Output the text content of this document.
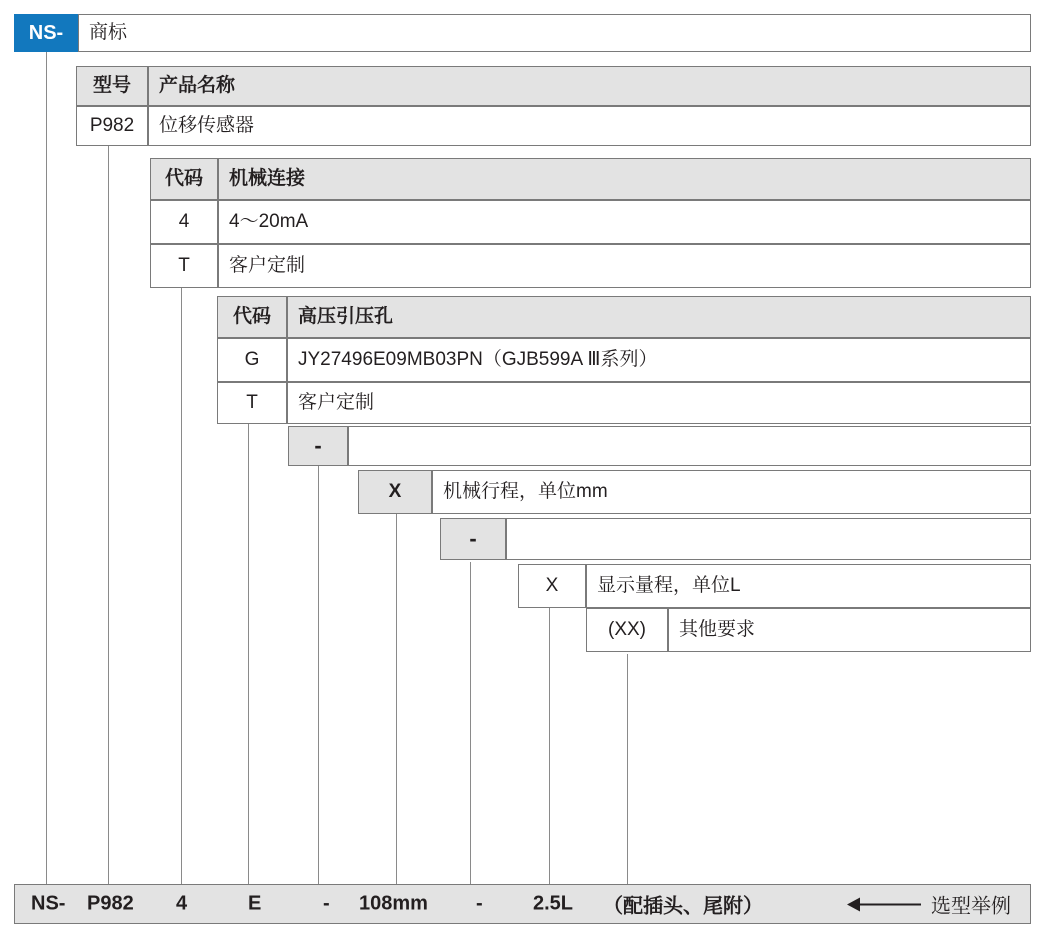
NS-	商标
型号	产品名称
P982	位移传感器
代码	机械连接
4	4～20mA
T	客户定制
代码	高压引压孔
G	JY27496E09MB03PN（GJB599A Ⅲ系列）
T	客户定制
-
X	机械行程，单位mm
-
X	显示量程，单位L
(XX)	其他要求
NS- P982 4	E	- 108mm -	2.5L （配插头、尾附）	选型举例
